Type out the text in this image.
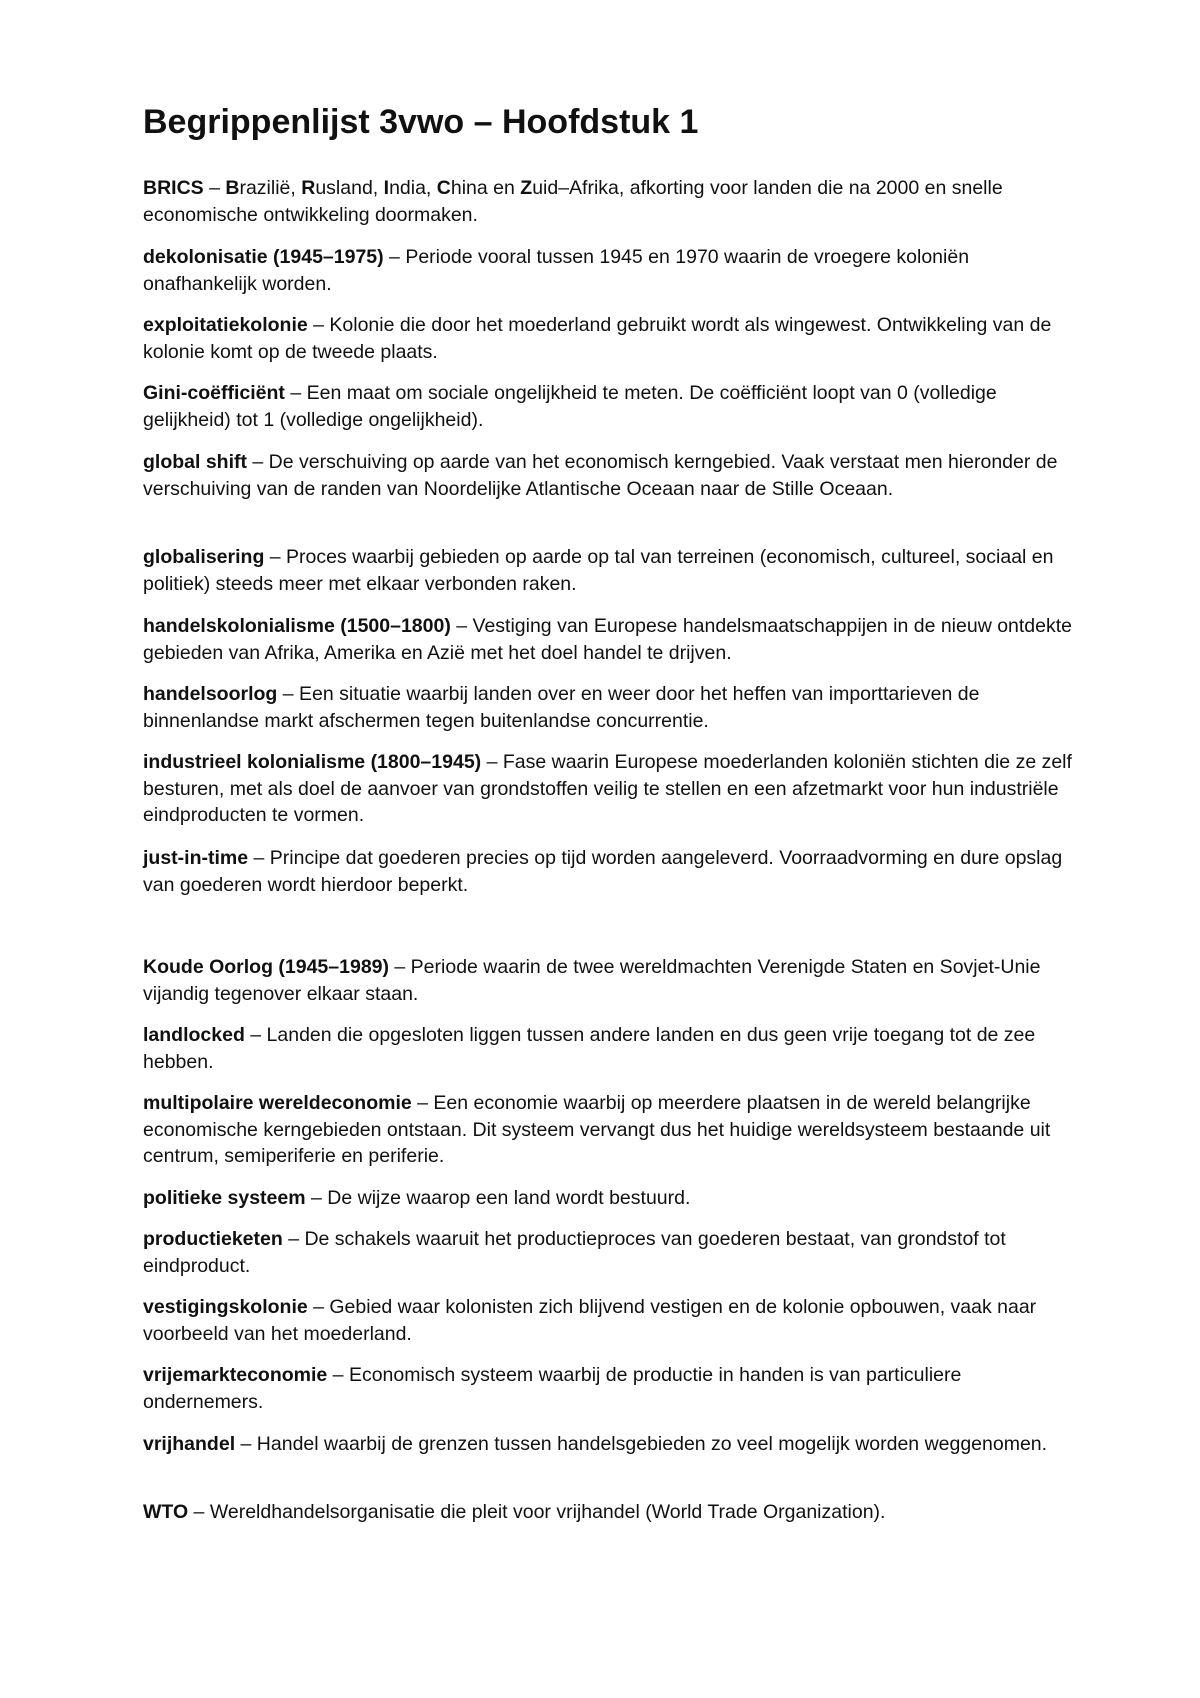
Begrippenlijst 3vwo – Hoofdstuk 1

BRICS – Brazilië, Rusland, India, China en Zuid–Afrika, afkorting voor landen die na 2000 en snelle economische ontwikkeling doormaken.

dekolonisatie (1945–1975) – Periode vooral tussen 1945 en 1970 waarin de vroegere koloniën onafhankelijk worden.

exploitatiekolonie – Kolonie die door het moederland gebruikt wordt als wingewest. Ontwikkeling van de kolonie komt op de tweede plaats.

Gini-coëfficiënt – Een maat om sociale ongelijkheid te meten. De coëfficiënt loopt van 0 (volledige gelijkheid) tot 1 (volledige ongelijkheid).

global shift – De verschuiving op aarde van het economisch kerngebied. Vaak verstaat men hieronder de verschuiving van de randen van Noordelijke Atlantische Oceaan naar de Stille Oceaan.

globalisering – Proces waarbij gebieden op aarde op tal van terreinen (economisch, cultureel, sociaal en politiek) steeds meer met elkaar verbonden raken.

handelskolonialisme (1500–1800) – Vestiging van Europese handelsmaatschappijen in de nieuw ontdekte gebieden van Afrika, Amerika en Azië met het doel handel te drijven.

handelsoorlog – Een situatie waarbij landen over en weer door het heffen van importtarieven de binnenlandse markt afschermen tegen buitenlandse concurrentie.

industrieel kolonialisme (1800–1945) – Fase waarin Europese moederlanden koloniën stichten die ze zelf besturen, met als doel de aanvoer van grondstoffen veilig te stellen en een afzetmarkt voor hun industriële eindproducten te vormen.

just-in-time – Principe dat goederen precies op tijd worden aangeleverd. Voorraadvorming en dure opslag van goederen wordt hierdoor beperkt.

Koude Oorlog (1945–1989) – Periode waarin de twee wereldmachten Verenigde Staten en Sovjet-Unie vijandig tegenover elkaar staan.

landlocked – Landen die opgesloten liggen tussen andere landen en dus geen vrije toegang tot de zee hebben.

multipolaire wereldeconomie – Een economie waarbij op meerdere plaatsen in de wereld belangrijke economische kerngebieden ontstaan. Dit systeem vervangt dus het huidige wereldsysteem bestaande uit centrum, semiperiferie en periferie.

politieke systeem – De wijze waarop een land wordt bestuurd.

productieketen – De schakels waaruit het productieproces van goederen bestaat, van grondstof tot eindproduct.

vestigingskolonie – Gebied waar kolonisten zich blijvend vestigen en de kolonie opbouwen, vaak naar voorbeeld van het moederland.

vrijemarkteconomie – Economisch systeem waarbij de productie in handen is van particuliere ondernemers.

vrijhandel – Handel waarbij de grenzen tussen handelsgebieden zo veel mogelijk worden weggenomen.

WTO – Wereldhandelsorganisatie die pleit voor vrijhandel (World Trade Organization).
